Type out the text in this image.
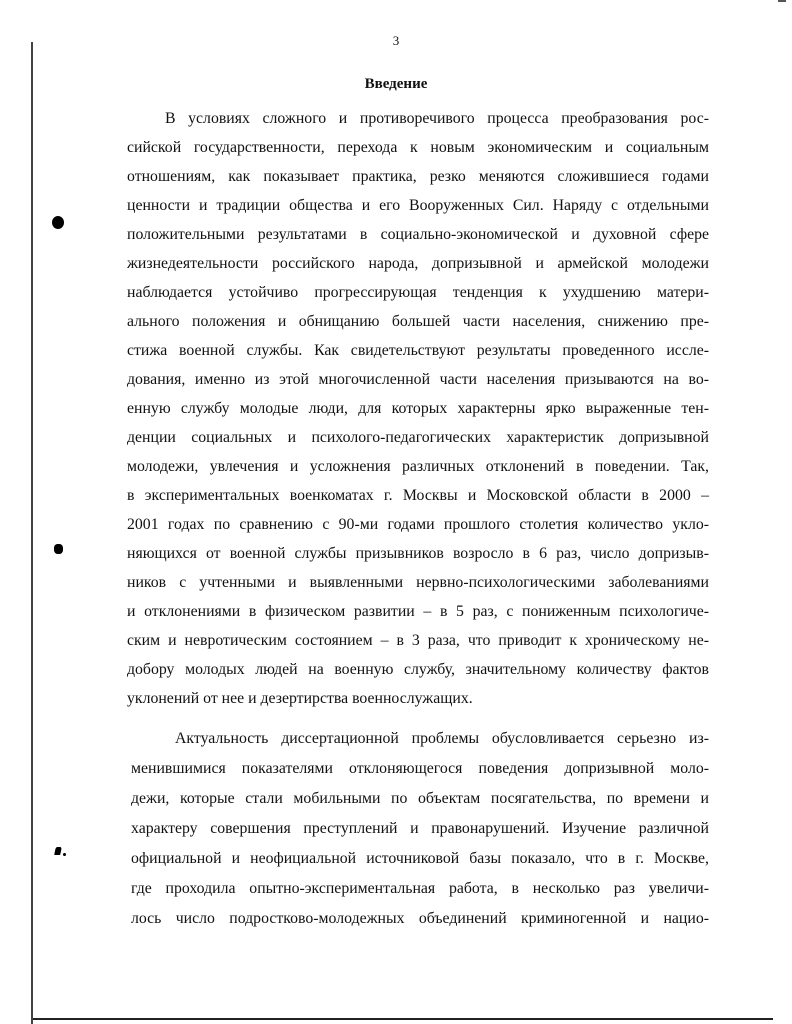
3
Введение
В условиях сложного и противоречивого процесса преобразования рос-
сийской государственности, перехода к новым экономическим и социальным
отношениям, как показывает практика, резко меняются сложившиеся годами
ценности и традиции общества и его Вооруженных Сил. Наряду с отдельными
положительными результатами в социально-экономической и духовной сфере
жизнедеятельности российского народа, допризывной и армейской молодежи
наблюдается устойчиво прогрессирующая тенденция к ухудшению матери-
ального положения и обнищанию большей части населения, снижению пре-
стижа военной службы. Как свидетельствуют результаты проведенного иссле-
дования, именно из этой многочисленной части населения призываются на во-
енную службу молодые люди, для которых характерны ярко выраженные тен-
денции социальных и психолого-педагогических характеристик допризывной
молодежи, увлечения и усложнения различных отклонений в поведении. Так,
в экспериментальных военкоматах г. Москвы и Московской области в 2000 –
2001 годах по сравнению с 90-ми годами прошлого столетия количество укло-
няющихся от военной службы призывников возросло в 6 раз, число допризыв-
ников с учтенными и выявленными нервно-психологическими заболеваниями
и отклонениями в физическом развитии – в 5 раз, с пониженным психологиче-
ским и невротическим состоянием – в 3 раза, что приводит к хроническому не-
добору молодых людей на военную службу, значительному количеству фактов
уклонений от нее и дезертирства военнослужащих.
Актуальность диссертационной проблемы обусловливается серьезно из-
менившимися показателями отклоняющегося поведения допризывной моло-
дежи, которые стали мобильными по объектам посягательства, по времени и
характеру совершения преступлений и правонарушений. Изучение различной
официальной и неофициальной источниковой базы показало, что в г. Москве,
где проходила опытно-экспериментальная работа, в несколько раз увеличи-
лось число подростково-молодежных объединений криминогенной и нацио-
